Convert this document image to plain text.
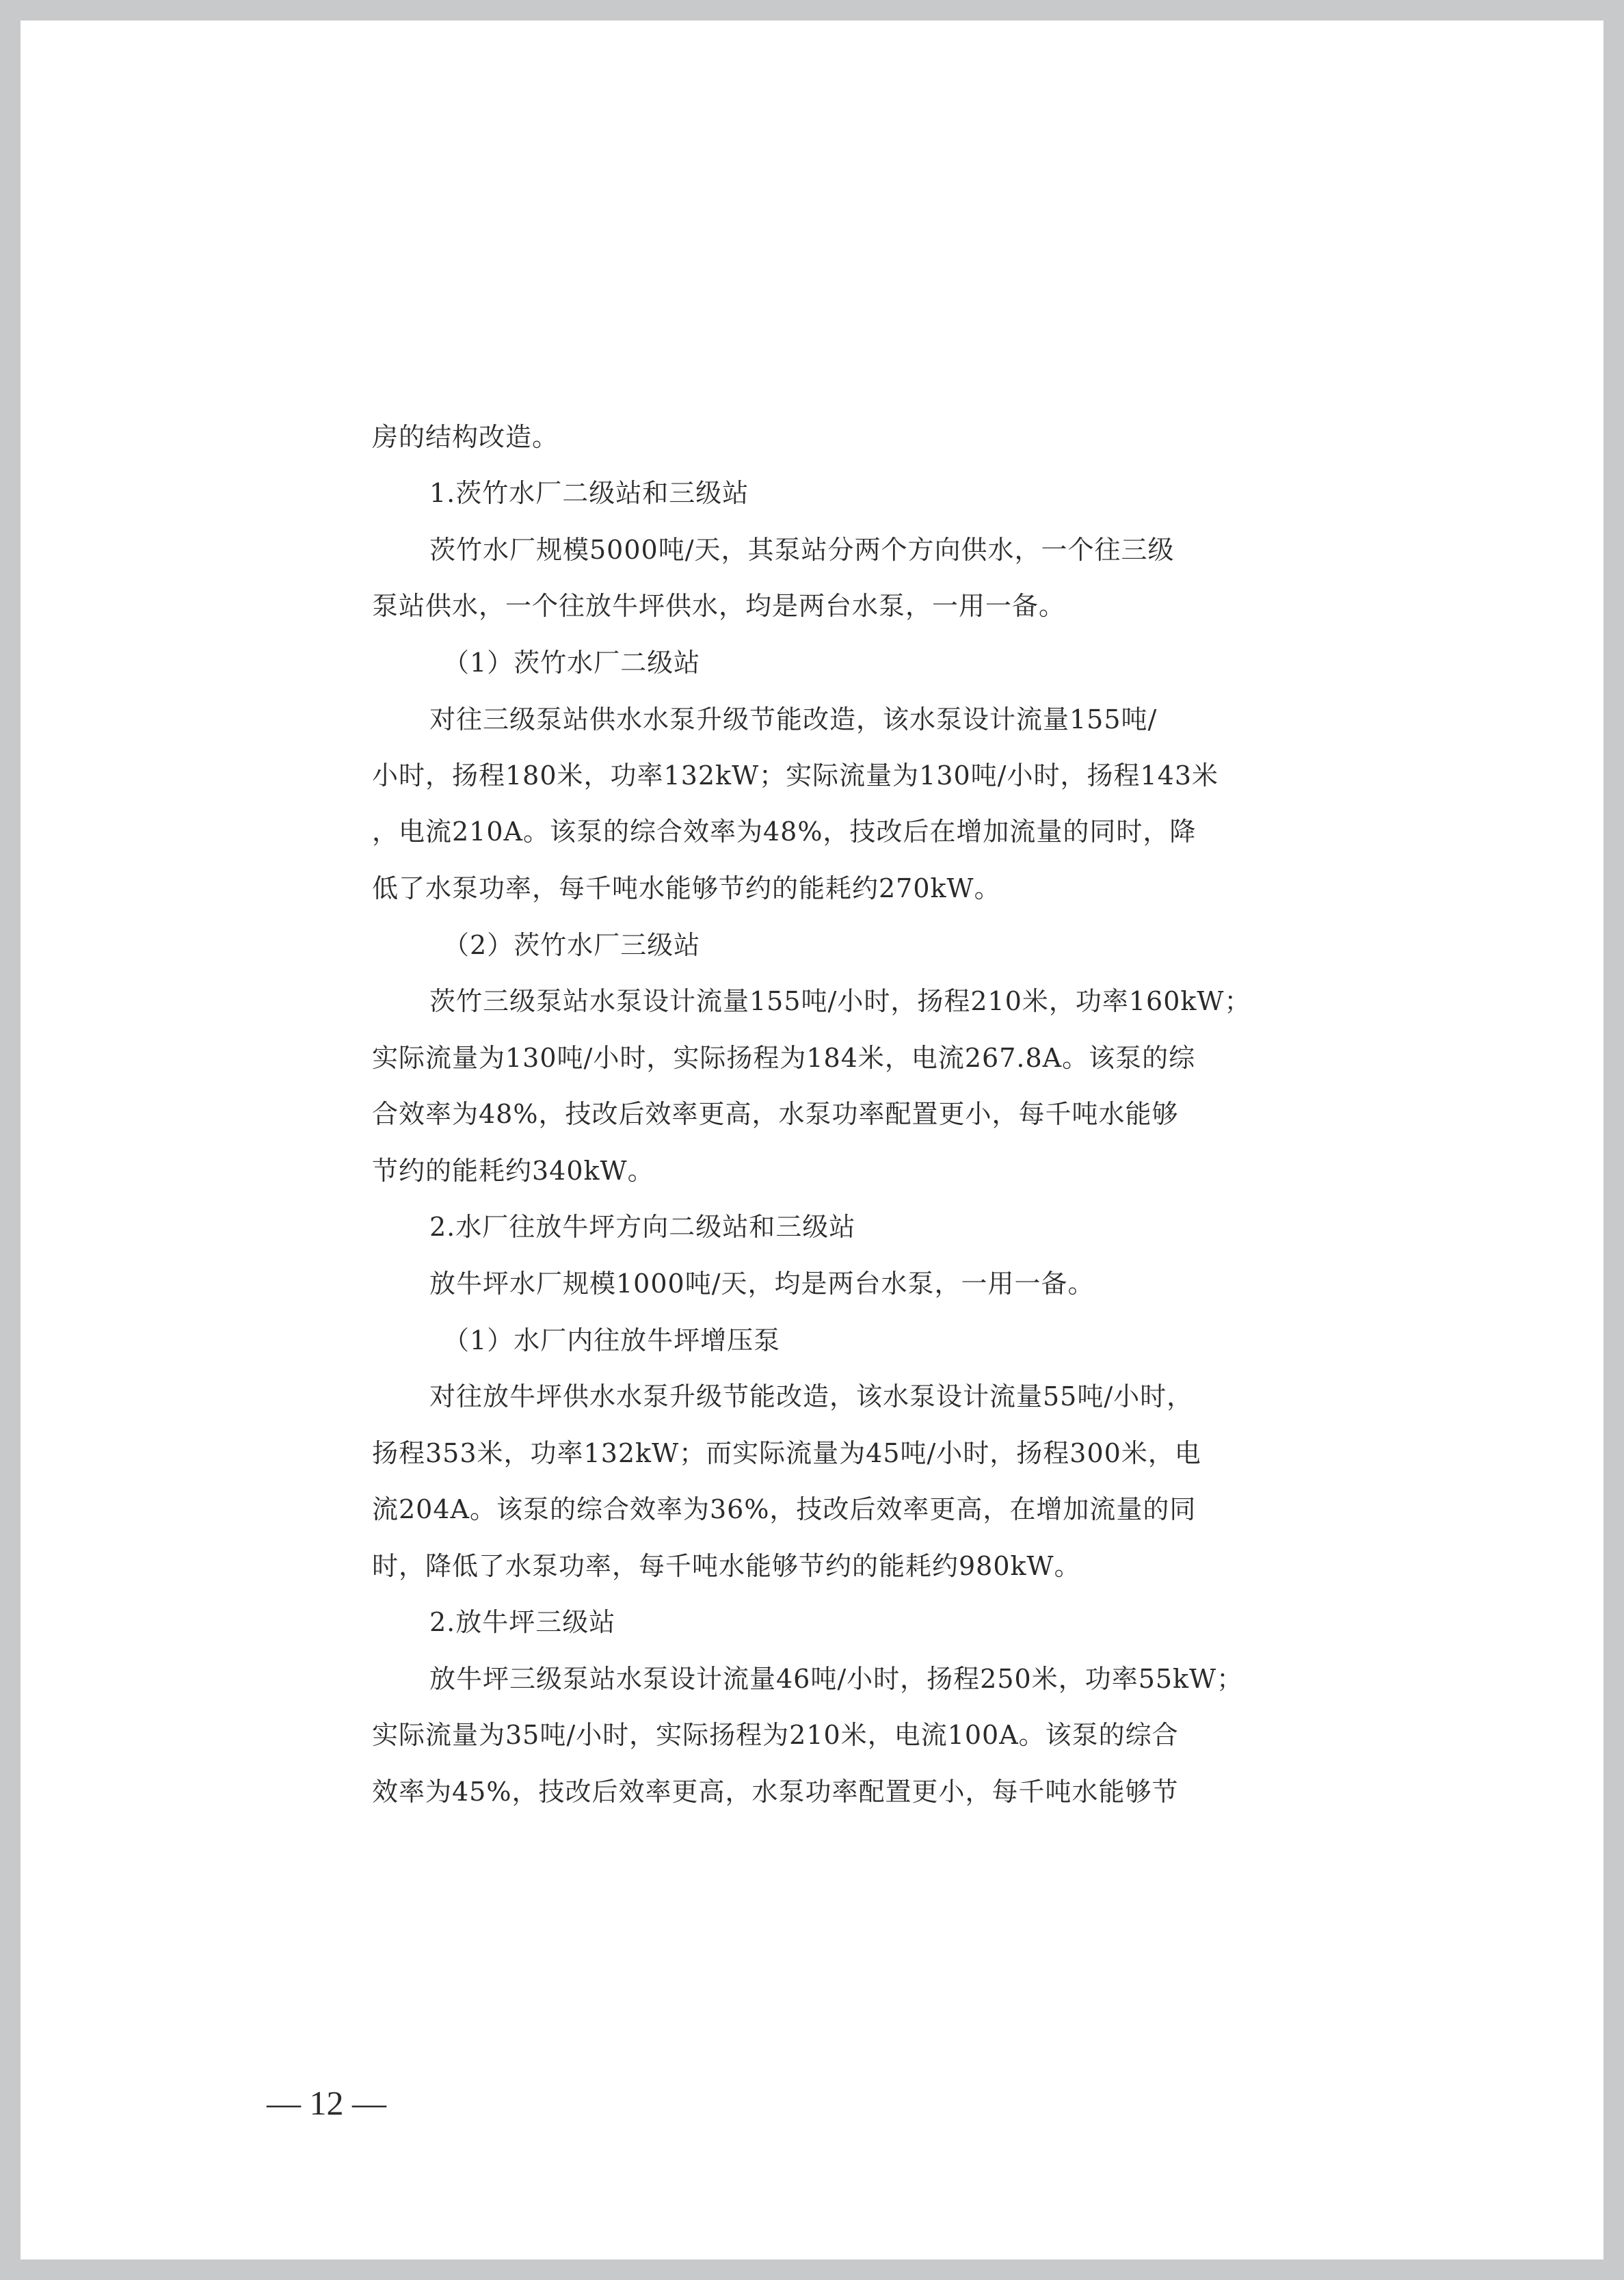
房的结构改造。
1.茨竹水厂二级站和三级站
茨竹水厂规模5000吨/天，其泵站分两个方向供水，一个往三级
泵站供水，一个往放牛坪供水，均是两台水泵，一用一备。
（1）茨竹水厂二级站
对往三级泵站供水水泵升级节能改造，该水泵设计流量155吨/
小时，扬程180米，功率132kW；实际流量为130吨/小时，扬程143米
，电流210A。该泵的综合效率为48%，技改后在增加流量的同时，降
低了水泵功率，每千吨水能够节约的能耗约270kW。
（2）茨竹水厂三级站
茨竹三级泵站水泵设计流量155吨/小时，扬程210米，功率160kW；
实际流量为130吨/小时，实际扬程为184米，电流267.8A。该泵的综
合效率为48%，技改后效率更高，水泵功率配置更小，每千吨水能够
节约的能耗约340kW。
2.水厂往放牛坪方向二级站和三级站
放牛坪水厂规模1000吨/天，均是两台水泵，一用一备。
（1）水厂内往放牛坪增压泵
对往放牛坪供水水泵升级节能改造，该水泵设计流量55吨/小时，
扬程353米，功率132kW；而实际流量为45吨/小时，扬程300米，电
流204A。该泵的综合效率为36%，技改后效率更高，在增加流量的同
时，降低了水泵功率，每千吨水能够节约的能耗约980kW。
2.放牛坪三级站
放牛坪三级泵站水泵设计流量46吨/小时，扬程250米，功率55kW；
实际流量为35吨/小时，实际扬程为210米，电流100A。该泵的综合
效率为45%，技改后效率更高，水泵功率配置更小，每千吨水能够节
— 12 —
